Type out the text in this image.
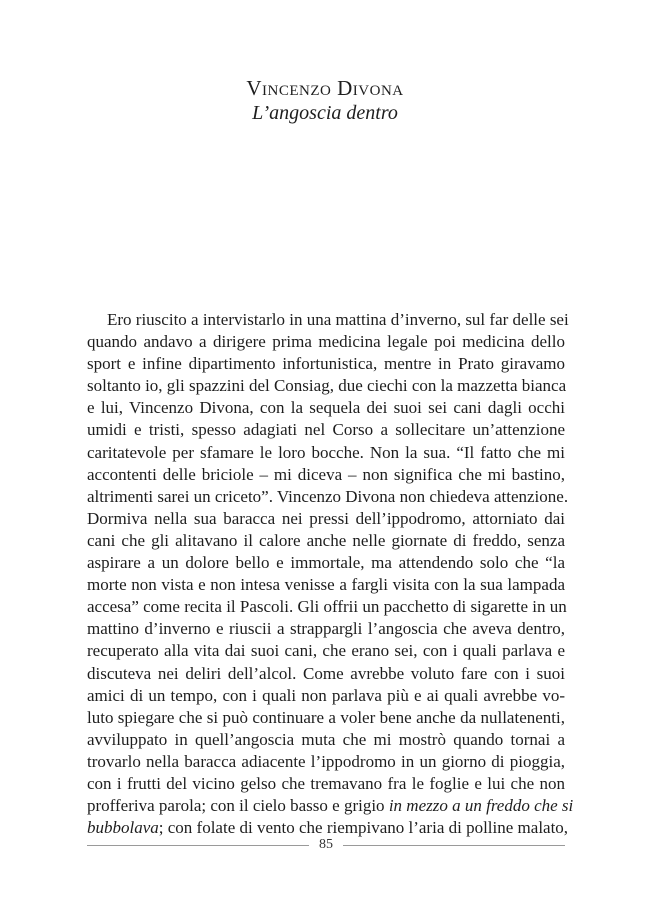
Vincenzo Divona
L’angoscia dentro
Ero riuscito a intervistarlo in una mattina d’inverno, sul far delle sei
quando andavo a dirigere prima medicina legale poi medicina dello
sport e infine dipartimento infortunistica, mentre in Prato giravamo
soltanto io, gli spazzini del Consiag, due ciechi con la mazzetta bianca
e lui, Vincenzo Divona, con la sequela dei suoi sei cani dagli occhi
umidi e tristi, spesso adagiati nel Corso a sollecitare un’attenzione
caritatevole per sfamare le loro bocche. Non la sua. “Il fatto che mi
accontenti delle briciole – mi diceva – non significa che mi bastino,
altrimenti sarei un criceto”. Vincenzo Divona non chiedeva attenzione.
Dormiva nella sua baracca nei pressi dell’ippodromo, attorniato dai
cani che gli alitavano il calore anche nelle giornate di freddo, senza
aspirare a un dolore bello e immortale, ma attendendo solo che “la
morte non vista e non intesa venisse a fargli visita con la sua lampada
accesa” come recita il Pascoli. Gli offrii un pacchetto di sigarette in un
mattino d’inverno e riuscii a strappargli l’angoscia che aveva dentro,
recuperato alla vita dai suoi cani, che erano sei, con i quali parlava e
discuteva nei deliri dell’alcol. Come avrebbe voluto fare con i suoi
amici di un tempo, con i quali non parlava più e ai quali avrebbe vo-
luto spiegare che si può continuare a voler bene anche da nullatenenti,
avviluppato in quell’angoscia muta che mi mostrò quando tornai a
trovarlo nella baracca adiacente l’ippodromo in un giorno di pioggia,
con i frutti del vicino gelso che tremavano fra le foglie e lui che non
profferiva parola; con il cielo basso e grigio in mezzo a un freddo che si
bubbolava; con folate di vento che riempivano l’aria di polline malato,
85
